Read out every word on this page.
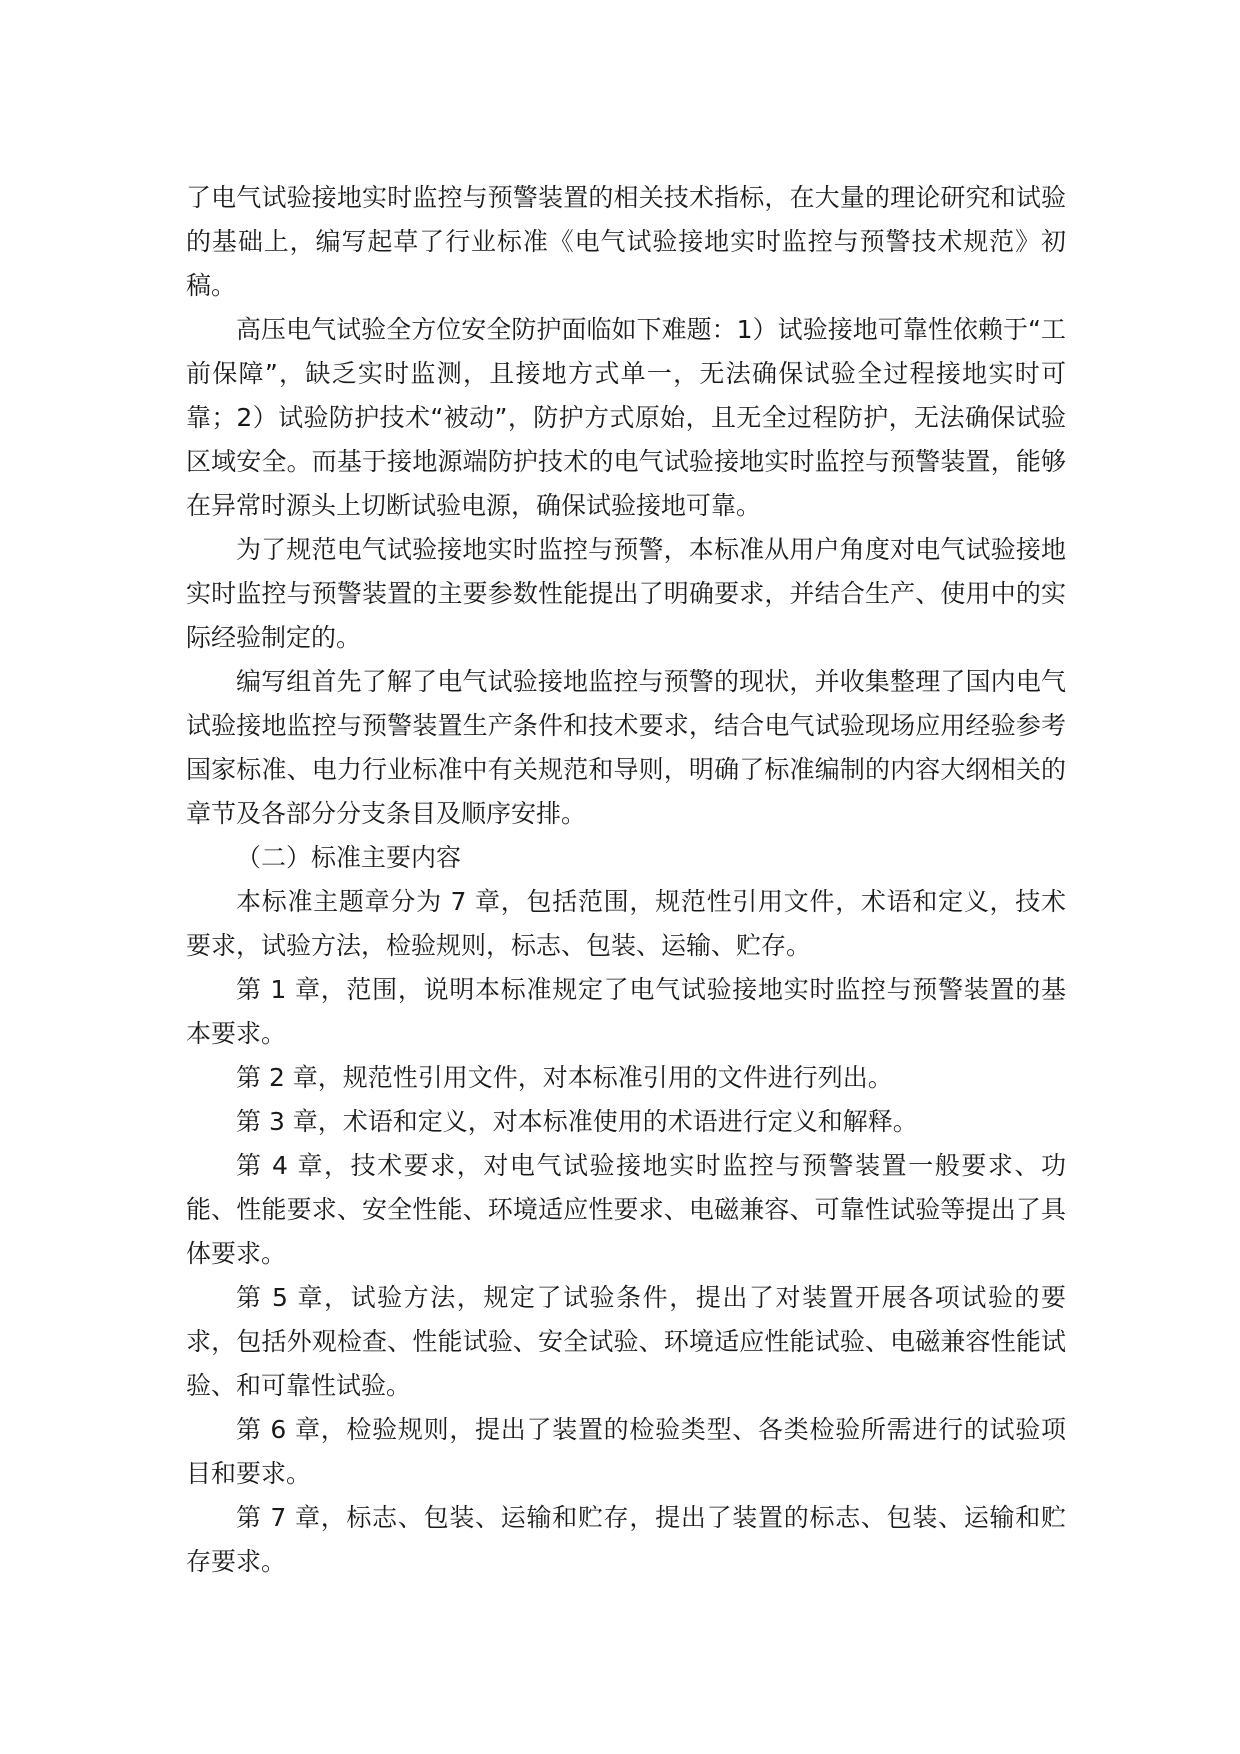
了电气试验接地实时监控与预警装置的相关技术指标，在大量的理论研究和试验的基础上，编写起草了行业标准《电气试验接地实时监控与预警技术规范》初稿。

高压电气试验全方位安全防护面临如下难题：1）试验接地可靠性依赖于“工前保障”，缺乏实时监测，且接地方式单一，无法确保试验全过程接地实时可靠；2）试验防护技术“被动”，防护方式原始，且无全过程防护，无法确保试验区域安全。而基于接地源端防护技术的电气试验接地实时监控与预警装置，能够在异常时源头上切断试验电源，确保试验接地可靠。

为了规范电气试验接地实时监控与预警，本标准从用户角度对电气试验接地实时监控与预警装置的主要参数性能提出了明确要求，并结合生产、使用中的实际经验制定的。

编写组首先了解了电气试验接地监控与预警的现状，并收集整理了国内电气试验接地监控与预警装置生产条件和技术要求，结合电气试验现场应用经验参考国家标准、电力行业标准中有关规范和导则，明确了标准编制的内容大纲相关的章节及各部分分支条目及顺序安排。

（二）标准主要内容

本标准主题章分为 7 章，包括范围，规范性引用文件，术语和定义，技术要求，试验方法，检验规则，标志、包装、运输、贮存。

第 1 章，范围，说明本标准规定了电气试验接地实时监控与预警装置的基本要求。

第 2 章，规范性引用文件，对本标准引用的文件进行列出。

第 3 章，术语和定义，对本标准使用的术语进行定义和解释。

第 4 章，技术要求，对电气试验接地实时监控与预警装置一般要求、功能、性能要求、安全性能、环境适应性要求、电磁兼容、可靠性试验等提出了具体要求。

第 5 章，试验方法，规定了试验条件，提出了对装置开展各项试验的要求，包括外观检查、性能试验、安全试验、环境适应性能试验、电磁兼容性能试验、和可靠性试验。

第 6 章，检验规则，提出了装置的检验类型、各类检验所需进行的试验项目和要求。

第 7 章，标志、包装、运输和贮存，提出了装置的标志、包装、运输和贮存要求。
